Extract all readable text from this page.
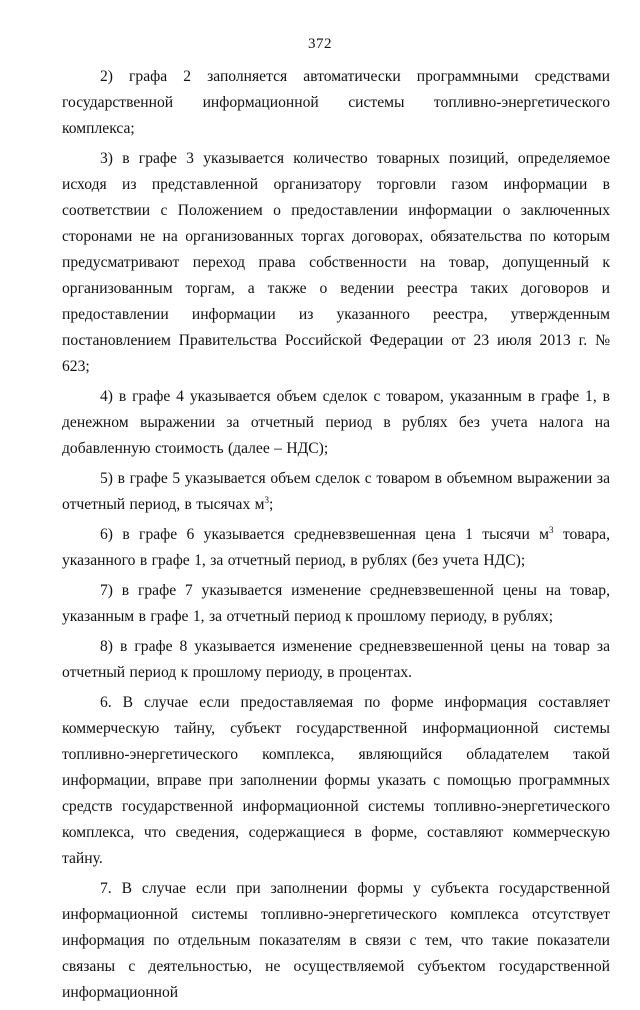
372

2) графа 2 заполняется автоматически программными средствами государственной информационной системы топливно-энергетического комплекса;

3) в графе 3 указывается количество товарных позиций, определяемое исходя из представленной организатору торговли газом информации в соответствии с Положением о предоставлении информации о заключенных сторонами не на организованных торгах договорах, обязательства по которым предусматривают переход права собственности на товар, допущенный к организованным торгам, а также о ведении реестра таких договоров и предоставлении информации из указанного реестра, утвержденным постановлением Правительства Российской Федерации от 23 июля 2013 г. № 623;

4) в графе 4 указывается объем сделок с товаром, указанным в графе 1, в денежном выражении за отчетный период в рублях без учета налога на добавленную стоимость (далее – НДС);

5) в графе 5 указывается объем сделок с товаром в объемном выражении за отчетный период, в тысячах $м^3$;

6) в графе 6 указывается средневзвешенная цена 1 тысячи $м^3$ товара, указанного в графе 1, за отчетный период, в рублях (без учета НДС);

7) в графе 7 указывается изменение средневзвешенной цены на товар, указанным в графе 1, за отчетный период к прошлому периоду, в рублях;

8) в графе 8 указывается изменение средневзвешенной цены на товар за отчетный период к прошлому периоду, в процентах.

6. В случае если предоставляемая по форме информация составляет коммерческую тайну, субъект государственной информационной системы топливно-энергетического комплекса, являющийся обладателем такой информации, вправе при заполнении формы указать с помощью программных средств государственной информационной системы топливно-энергетического комплекса, что сведения, содержащиеся в форме, составляют коммерческую тайну.

7. В случае если при заполнении формы у субъекта государственной информационной системы топливно-энергетического комплекса отсутствует информация по отдельным показателям в связи с тем, что такие показатели связаны с деятельностью, не осуществляемой субъектом государственной информационной
